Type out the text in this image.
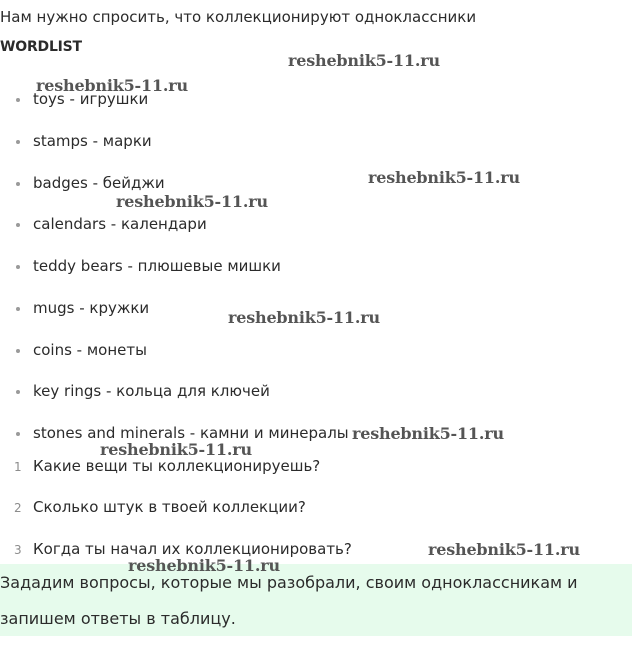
Нам нужно спросить, что коллекционируют одноклассники
WORDLIST
toys - игрушки
stamps - марки
badges - бейджи
calendars - календари
teddy bears - плюшевые мишки
mugs - кружки
coins - монеты
key rings - кольца для ключей
stones and minerals - камни и минералы
1 Какие вещи ты коллекционируешь?
2 Сколько штук в твоей коллекции?
3 Когда ты начал их коллекционировать?
Зададим вопросы, которые мы разобрали, своим одноклассникам и
запишем ответы в таблицу.
reshebnik5-11.ru
reshebnik5-11.ru
reshebnik5-11.ru
reshebnik5-11.ru
reshebnik5-11.ru
reshebnik5-11.ru
reshebnik5-11.ru
reshebnik5-11.ru
reshebnik5-11.ru
